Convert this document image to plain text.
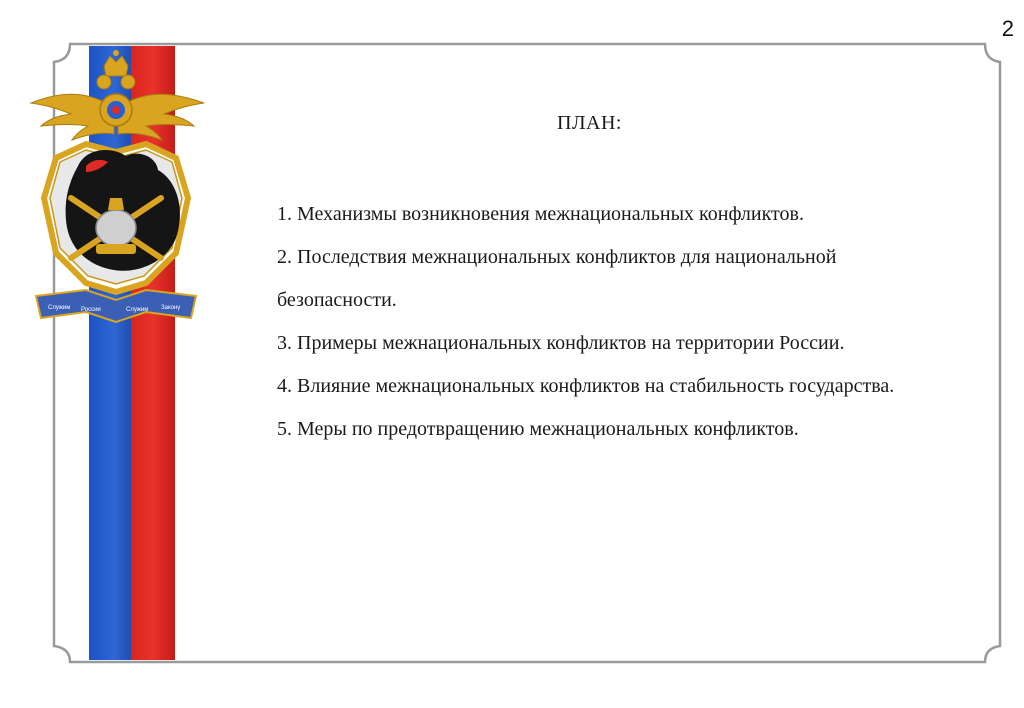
2
Служим России	Служим Закону
ПЛАН:
1. Механизмы возникновения межнациональных конфликтов.
2. Последствия межнациональных конфликтов для национальной безопасности.
3. Примеры межнациональных конфликтов на территории России.
4. Влияние межнациональных конфликтов на стабильность государства.
5. Меры по предотвращению межнациональных конфликтов.
